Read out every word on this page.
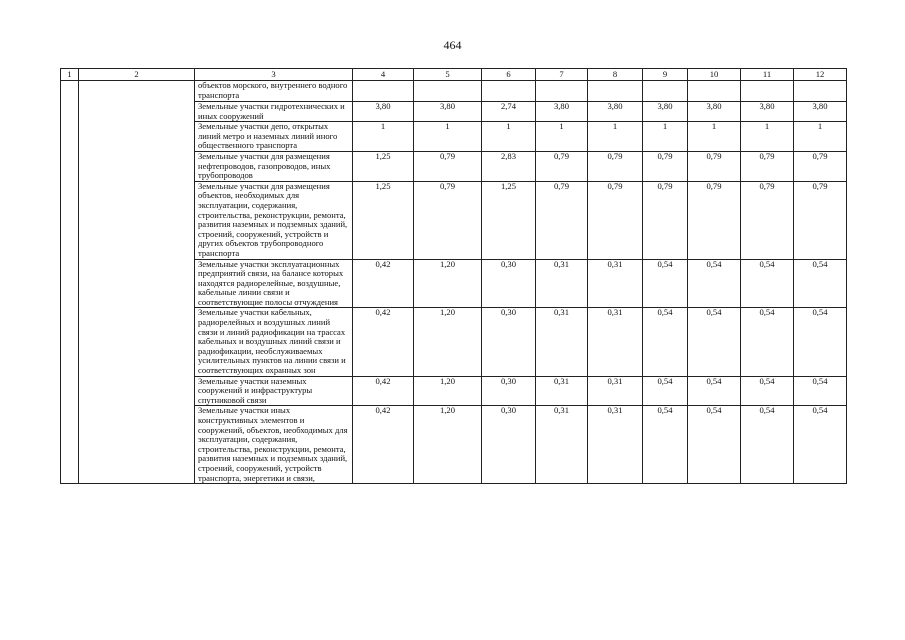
464
1	2	3	4	5	6	7	8	9	10	11	12
		объектов морского, внутреннего водного транспорта									
		Земельные участки гидротехнических и иных сооружений	3,80	3,80	2,74	3,80	3,80	3,80	3,80	3,80	3,80
		Земельные участки депо, открытых линий метро и наземных линий иного общественного транспорта	1	1	1	1	1	1	1	1	1
		Земельные участки для размещения нефтепроводов, газопроводов, иных трубопроводов	1,25	0,79	2,83	0,79	0,79	0,79	0,79	0,79	0,79
		Земельные участки для размещения объектов, необходимых для эксплуатации, содержания, строительства, реконструкции, ремонта, развития наземных и подземных зданий, строений, сооружений, устройств и других объектов трубопроводного транспорта	1,25	0,79	1,25	0,79	0,79	0,79	0,79	0,79	0,79
		Земельные участки эксплуатационных предприятий связи, на балансе которых находятся радиорелейные, воздушные, кабельные линии связи и соответствующие полосы отчуждения	0,42	1,20	0,30	0,31	0,31	0,54	0,54	0,54	0,54
		Земельные участки кабельных, радиорелейных и воздушных линий связи и линий радиофикации на трассах кабельных и воздушных линий связи и радиофикации, необслуживаемых усилительных пунктов на линии связи и соответствующих охранных зон	0,42	1,20	0,30	0,31	0,31	0,54	0,54	0,54	0,54
		Земельные участки наземных сооружений и инфраструктуры спутниковой связи	0,42	1,20	0,30	0,31	0,31	0,54	0,54	0,54	0,54
		Земельные участки иных конструктивных элементов и сооружений, объектов, необходимых для эксплуатации, содержания, строительства, реконструкции, ремонта, развития наземных и подземных зданий, строений, сооружений, устройств транспорта, энергетики и связи,	0,42	1,20	0,30	0,31	0,31	0,54	0,54	0,54	0,54
